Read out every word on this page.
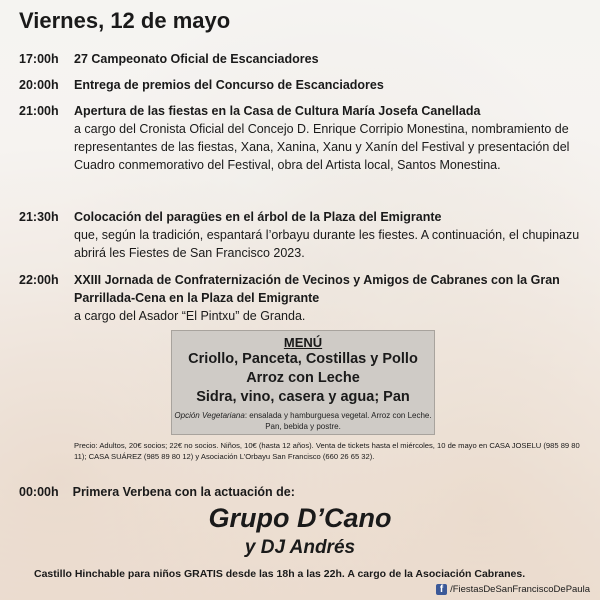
Viernes, 12 de mayo
17:00h 27 Campeonato Oficial de Escanciadores
20:00h Entrega de premios del Concurso de Escanciadores
21:00h Apertura de las fiestas en la Casa de Cultura María Josefa Canellada
a cargo del Cronista Oficial del Concejo D. Enrique Corripio Monestina, nombramiento de representantes de las fiestas, Xana, Xanina, Xanu y Xanín del Festival y presentación del Cuadro conmemorativo del Festival, obra del Artista local, Santos Monestina.
21:30h Colocación del paragües en el árbol de la Plaza del Emigrante
que, según la tradición, espantará l’orbayu durante les fiestes. A continuación, el chupinazu abrirá les Fiestes de San Francisco 2023.
22:00h XXIII Jornada de Confraternización de Vecinos y Amigos de Cabranes con la Gran Parrillada-Cena en la Plaza del Emigrante
a cargo del Asador “El Pintxu” de Granda.
MENÚ
Criollo, Panceta, Costillas y Pollo
Arroz con Leche
Sidra, vino, casera y agua; Pan
Opción Vegetariana: ensalada y hamburguesa vegetal. Arroz con Leche. Pan, bebida y postre.
Precio: Adultos, 20€ socios; 22€ no socios. Niños, 10€ (hasta 12 años). Venta de tickets hasta el miércoles, 10 de mayo en CASA JOSELU (985 89 80 11); CASA SUÁREZ (985 89 80 12) y Asociación L’Orbayu San Francisco (660 26 65 32).
00:00h Primera Verbena con la actuación de:
Grupo D’Cano
y DJ Andrés
Castillo Hinchable para niños GRATIS desde las 18h a las 22h. A cargo de la Asociación Cabranes.
f /FiestasDeSanFranciscoDePaula
